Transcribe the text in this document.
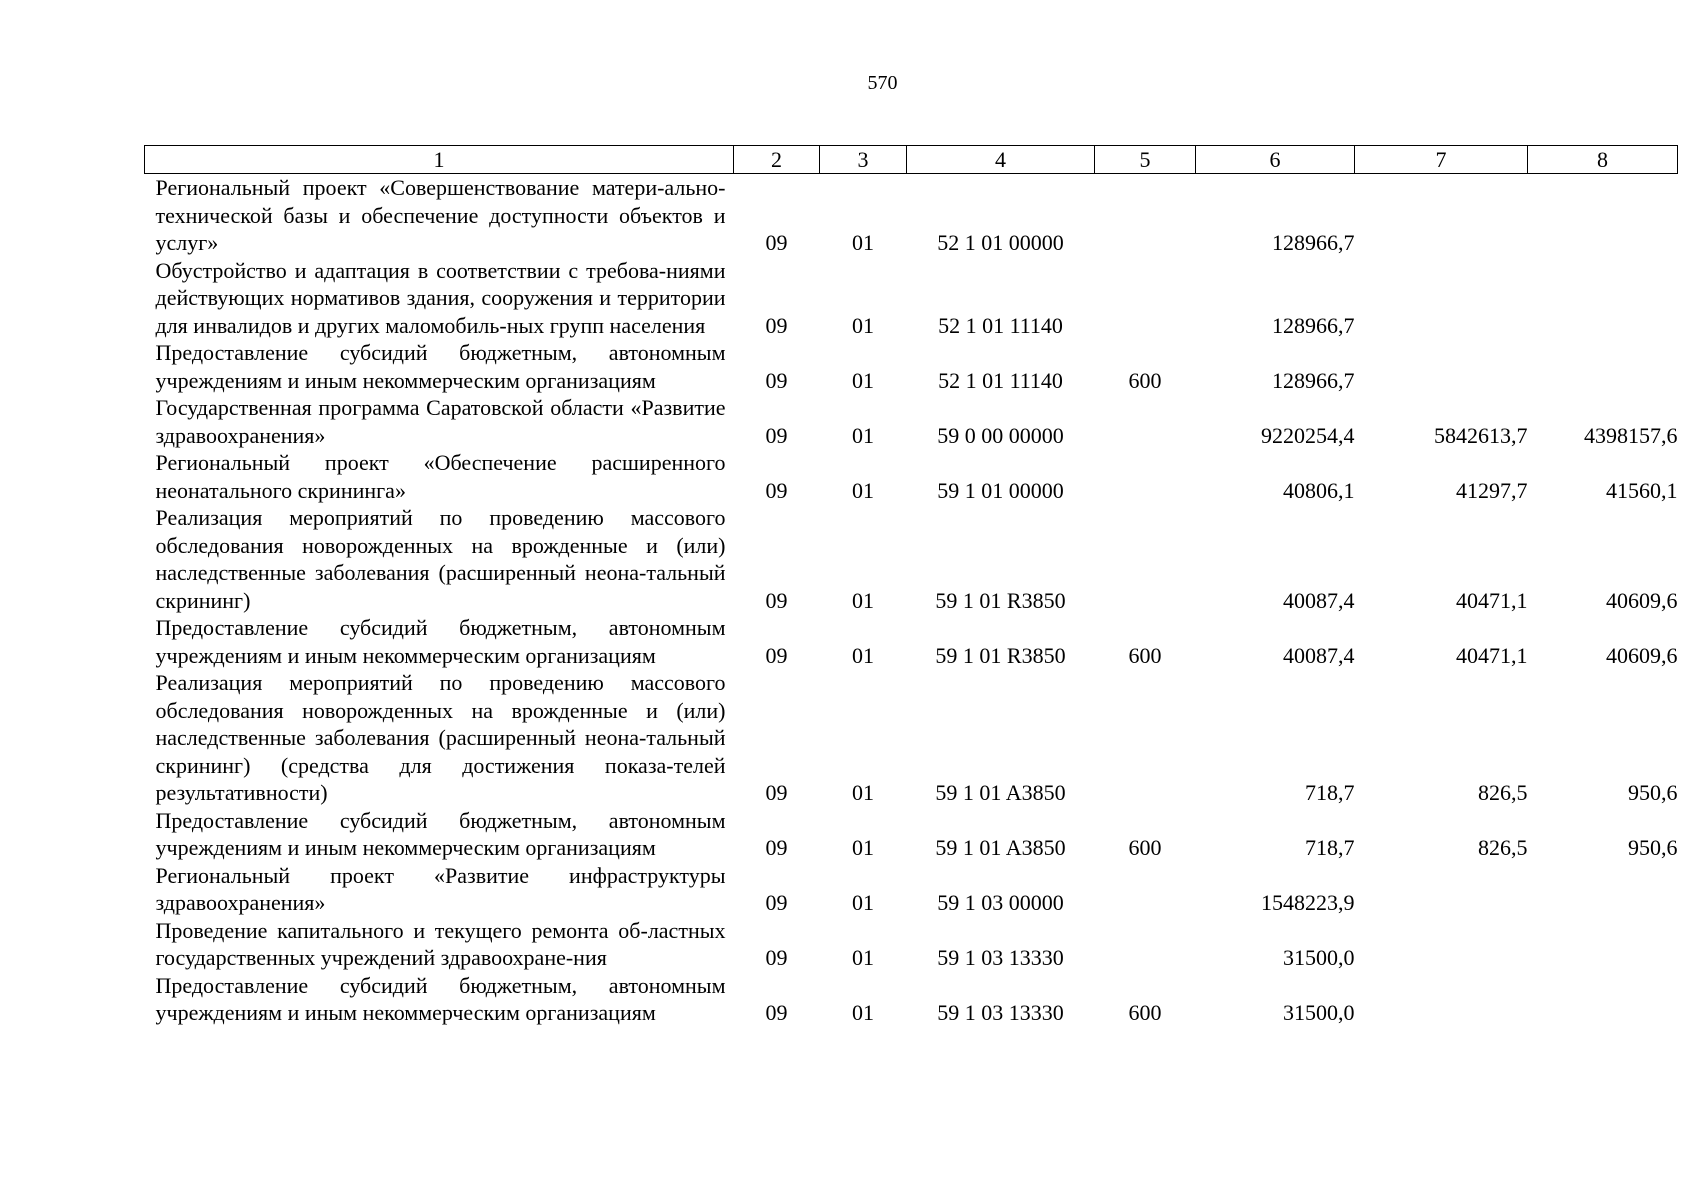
570
1	2	3	4	5	6	7	8
Региональный проект «Совершенствование матери-ально-технической базы и обеспечение доступности объектов и услуг»	09	01	52 1 01 00000		128966,7		
Обустройство и адаптация в соответствии с требова-ниями действующих нормативов здания, сооружения и территории для инвалидов и других маломобиль-ных групп населения	09	01	52 1 01 11140		128966,7		
Предоставление субсидий бюджетным, автономным учреждениям и иным некоммерческим организациям	09	01	52 1 01 11140	600	128966,7		
Государственная программа Саратовской области «Развитие здравоохранения»	09	01	59 0 00 00000		9220254,4	5842613,7	4398157,6
Региональный проект «Обеспечение расширенного неонатального скрининга»	09	01	59 1 01 00000		40806,1	41297,7	41560,1
Реализация мероприятий по проведению массового обследования новорожденных на врожденные и (или) наследственные заболевания (расширенный неона-тальный скрининг)	09	01	59 1 01 R3850		40087,4	40471,1	40609,6
Предоставление субсидий бюджетным, автономным учреждениям и иным некоммерческим организациям	09	01	59 1 01 R3850	600	40087,4	40471,1	40609,6
Реализация мероприятий по проведению массового обследования новорожденных на врожденные и (или) наследственные заболевания (расширенный неона-тальный скрининг) (средства для достижения показа-телей результативности)	09	01	59 1 01 A3850		718,7	826,5	950,6
Предоставление субсидий бюджетным, автономным учреждениям и иным некоммерческим организациям	09	01	59 1 01 A3850	600	718,7	826,5	950,6
Региональный проект «Развитие инфраструктуры здравоохранения»	09	01	59 1 03 00000		1548223,9		
Проведение капитального и текущего ремонта об-ластных государственных учреждений здравоохране-ния	09	01	59 1 03 13330		31500,0		
Предоставление субсидий бюджетным, автономным учреждениям и иным некоммерческим организациям	09	01	59 1 03 13330	600	31500,0		
